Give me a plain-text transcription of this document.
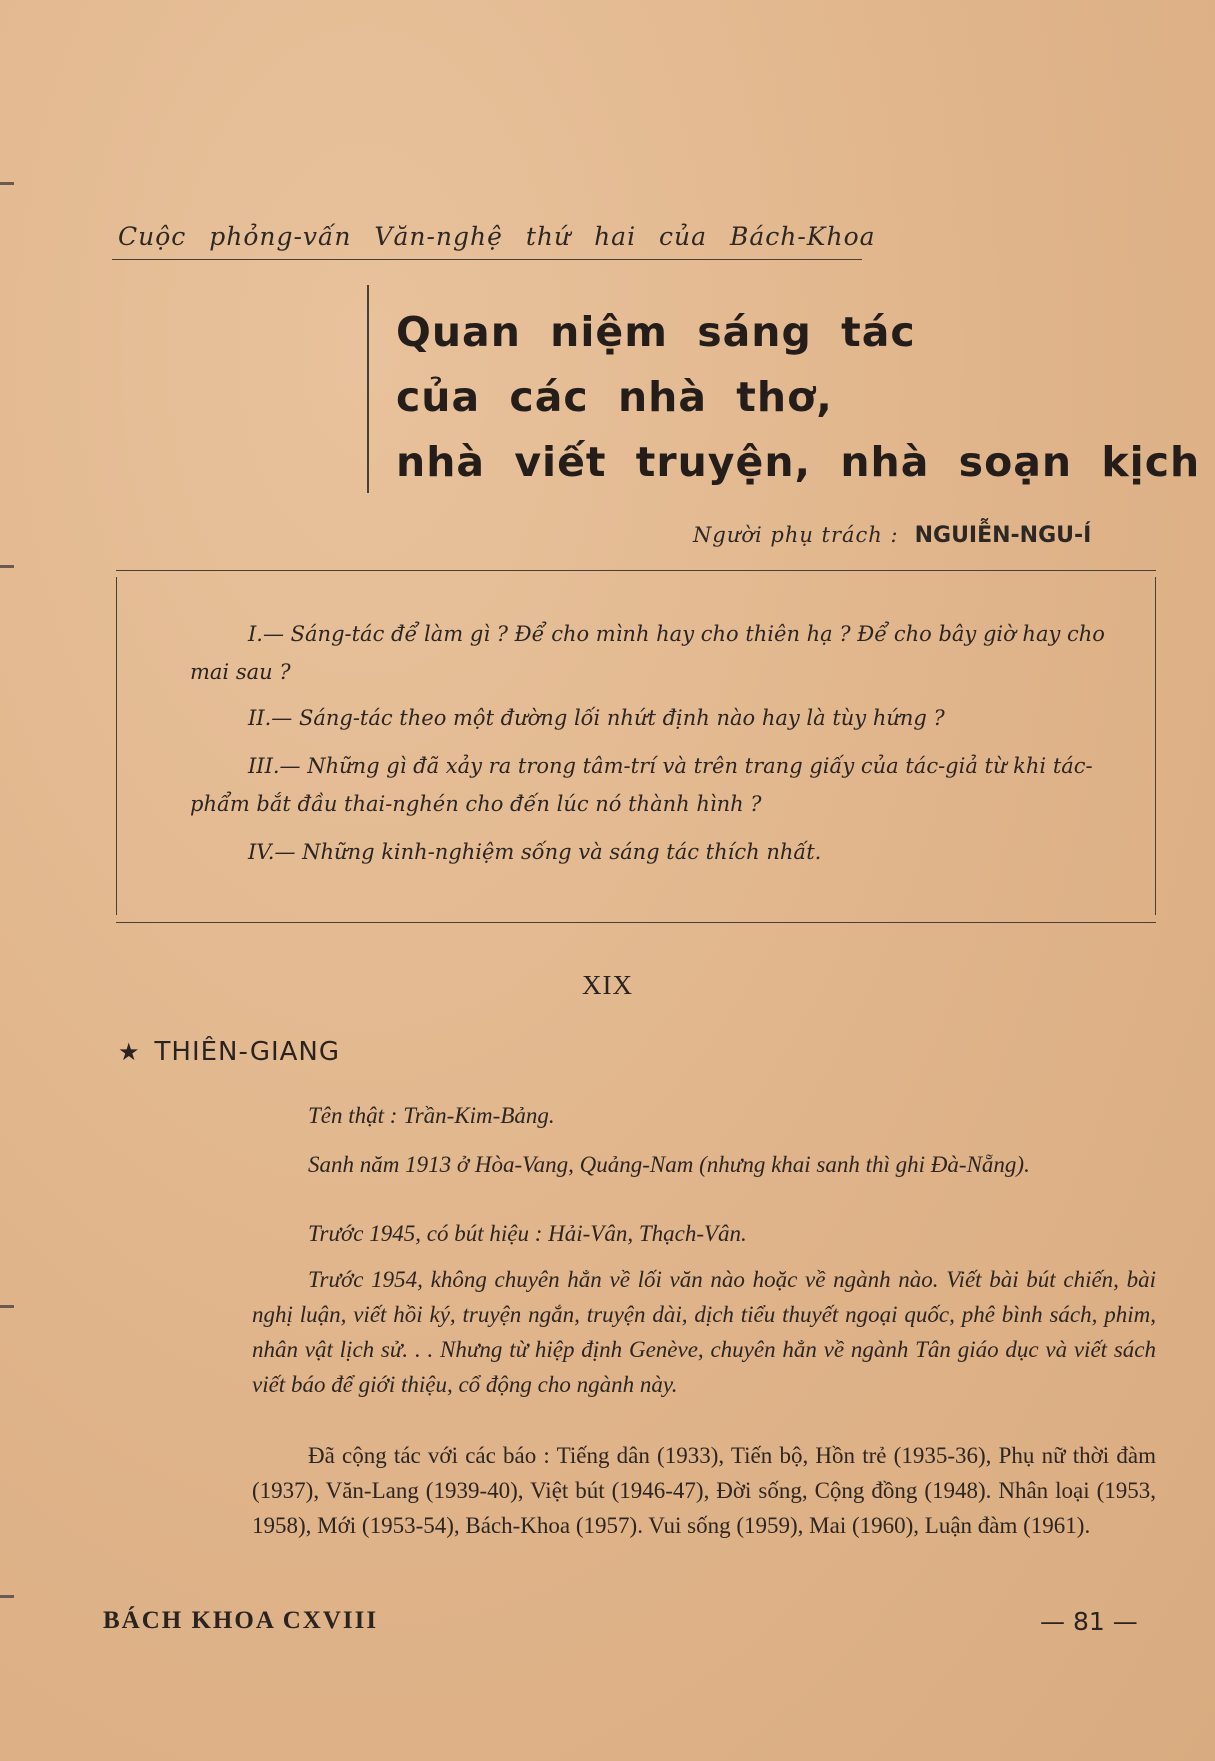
Cuộc phỏng-vấn Văn-nghệ thứ hai của Bách-Khoa
Quan niệm sáng tác
của các nhà thơ,
nhà viết truyện, nhà soạn kịch
Người phụ trách : NGUIỄN-NGU-Í
I.— Sáng-tác để làm gì ? Để cho mình hay cho thiên hạ ? Để cho bây giờ hay cho mai sau ?
II.— Sáng-tác theo một đường lối nhứt định nào hay là tùy hứng ?
III.— Những gì đã xảy ra trong tâm-trí và trên trang giấy của tác-giả từ khi tác-phẩm bắt đầu thai-nghén cho đến lúc nó thành hình ?
IV.— Những kinh-nghiệm sống và sáng tác thích nhất.
XIX
★ THIÊN-GIANG

Tên thật : Trần-Kim-Bảng.

Sanh năm 1913 ở Hòa-Vang, Quảng-Nam (nhưng khai sanh thì ghi Đà-Nẵng).

Trước 1945, có bút hiệu : Hải-Vân, Thạch-Vân.

Trước 1954, không chuyên hẳn về lối văn nào hoặc về ngành nào. Viết bài bút chiến, bài nghị luận, viết hồi ký, truyện ngắn, truyện dài, dịch tiểu thuyết ngoại quốc, phê bình sách, phim, nhân vật lịch sử. . . Nhưng từ hiệp định Genève, chuyên hẳn về ngành Tân giáo dục và viết sách viết báo để giới thiệu, cổ động cho ngành này.

Đã cộng tác với các báo : Tiếng dân (1933), Tiến bộ, Hồn trẻ (1935-36), Phụ nữ thời đàm (1937), Văn-Lang (1939-40), Việt bút (1946-47), Đời sống, Cộng đồng (1948). Nhân loại (1953, 1958), Mới (1953-54), Bách-Khoa (1957). Vui sống (1959), Mai (1960), Luận đàm (1961).

BÁCH KHOA CXVIII	— 81 —
